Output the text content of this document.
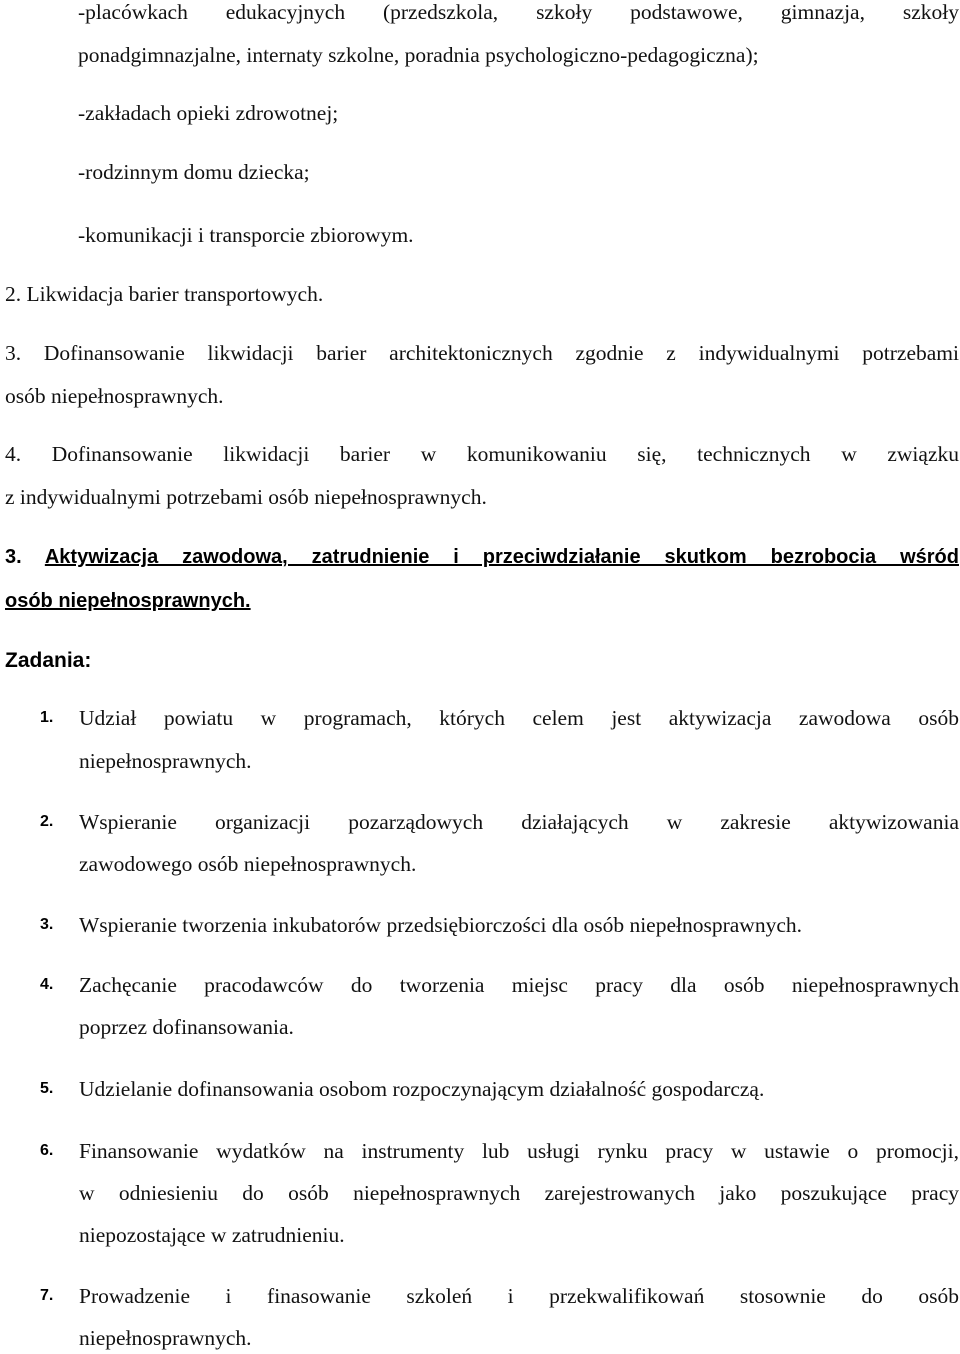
-placówkach edukacyjnych (przedszkola, szkoły podstawowe, gimnazja, szkoły
ponadgimnazjalne, internaty szkolne, poradnia psychologiczno-pedagogiczna);
-zakładach opieki zdrowotnej;
-rodzinnym domu dziecka;
-komunikacji i transporcie zbiorowym.
2. Likwidacja barier transportowych.
3. Dofinansowanie likwidacji barier architektonicznych zgodnie z indywidualnymi potrzebami
osób niepełnosprawnych.
4. Dofinansowanie likwidacji barier w komunikowaniu się, technicznych w związku
z indywidualnymi potrzebami osób niepełnosprawnych.
3. Aktywizacja zawodowa, zatrudnienie i przeciwdziałanie skutkom bezrobocia wśród
osób niepełnosprawnych.
Zadania:
1. Udział powiatu w programach, których celem jest aktywizacja zawodowa osób
niepełnosprawnych.
2. Wspieranie organizacji pozarządowych działających w zakresie aktywizowania
zawodowego osób niepełnosprawnych.
3. Wspieranie tworzenia inkubatorów przedsiębiorczości dla osób niepełnosprawnych.
4. Zachęcanie pracodawców do tworzenia miejsc pracy dla osób niepełnosprawnych
poprzez dofinansowania.
5. Udzielanie dofinansowania osobom rozpoczynającym działalność gospodarczą.
6. Finansowanie wydatków na instrumenty lub usługi rynku pracy w ustawie o promocji,
w odniesieniu do osób niepełnosprawnych zarejestrowanych jako poszukujące pracy
niepozostające w zatrudnieniu.
7. Prowadzenie i finasowanie szkoleń i przekwalifikowań stosownie do osób
niepełnosprawnych.
